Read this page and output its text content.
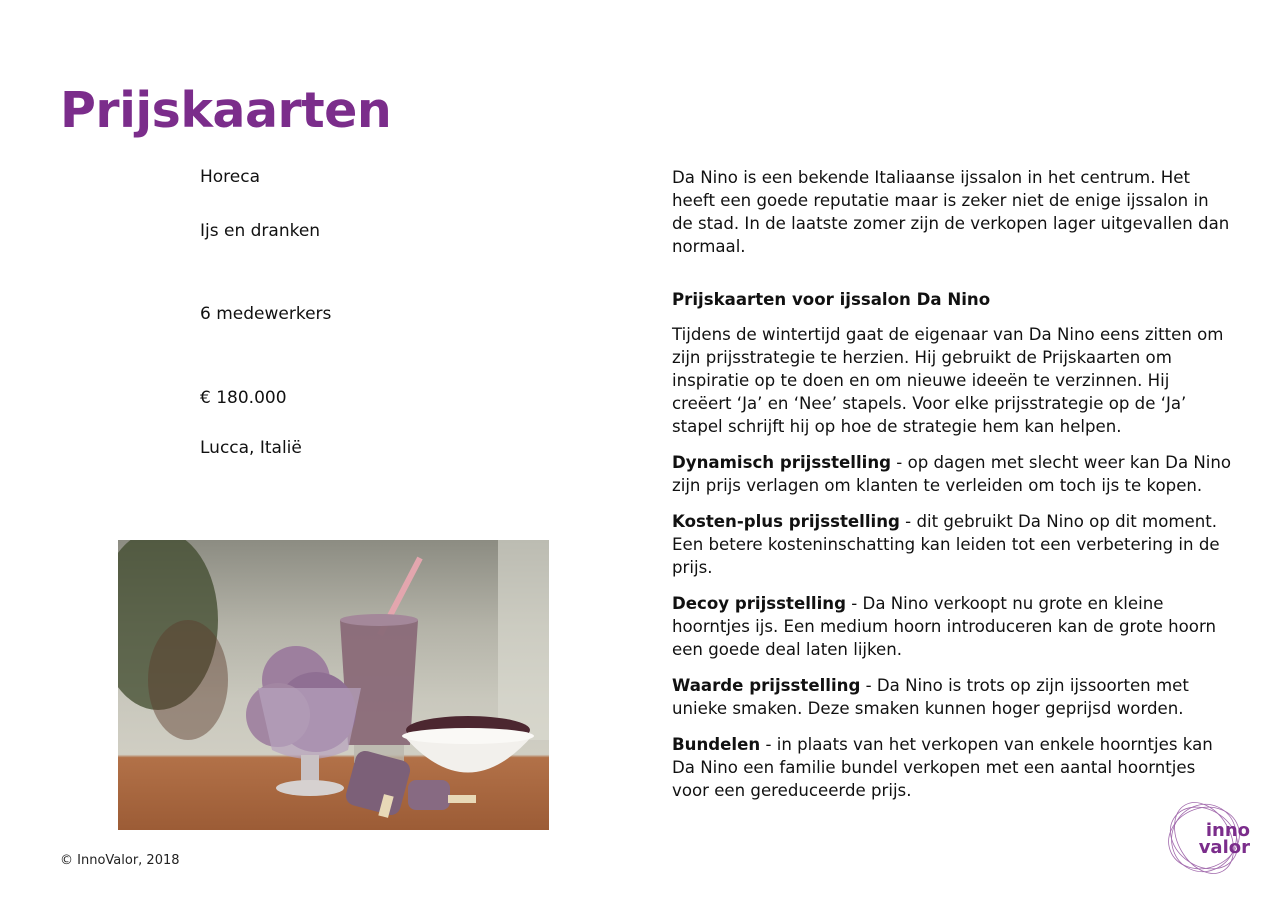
Prijskaarten
Horeca
Ijs en dranken
6 medewerkers
€ 180.000
Lucca, Italië

Da Nino is een bekende Italiaanse ijssalon in het centrum. Het heeft een goede reputatie maar is zeker niet de enige ijssalon in de stad. In de laatste zomer zijn de verkopen lager uitgevallen dan normaal.

Prijskaarten voor ijssalon Da Nino

Tijdens de wintertijd gaat de eigenaar van Da Nino eens zitten om zijn prijsstrategie te herzien. Hij gebruikt de Prijskaarten om inspiratie op te doen en om nieuwe ideeën te verzinnen. Hij creëert ‘Ja’ en ‘Nee’ stapels. Voor elke prijsstrategie op de ‘Ja’ stapel schrijft hij op hoe de strategie hem kan helpen.

Dynamisch prijsstelling - op dagen met slecht weer kan Da Nino zijn prijs verlagen om klanten te verleiden om toch ijs te kopen.

Kosten-plus prijsstelling - dit gebruikt Da Nino op dit moment. Een betere kosteninschatting kan leiden tot een verbetering in de prijs.

Decoy prijsstelling - Da Nino verkoopt nu grote en kleine hoorntjes ijs. Een medium hoorn introduceren kan de grote hoorn een goede deal laten lijken.

Waarde prijsstelling - Da Nino is trots op zijn ijssoorten met unieke smaken. Deze smaken kunnen hoger geprijsd worden.

Bundelen - in plaats van het verkopen van enkele hoorntjes kan Da Nino een familie bundel verkopen met een aantal hoorntjes voor een gereduceerde prijs.

© InnoValor, 2018
inno
valor
